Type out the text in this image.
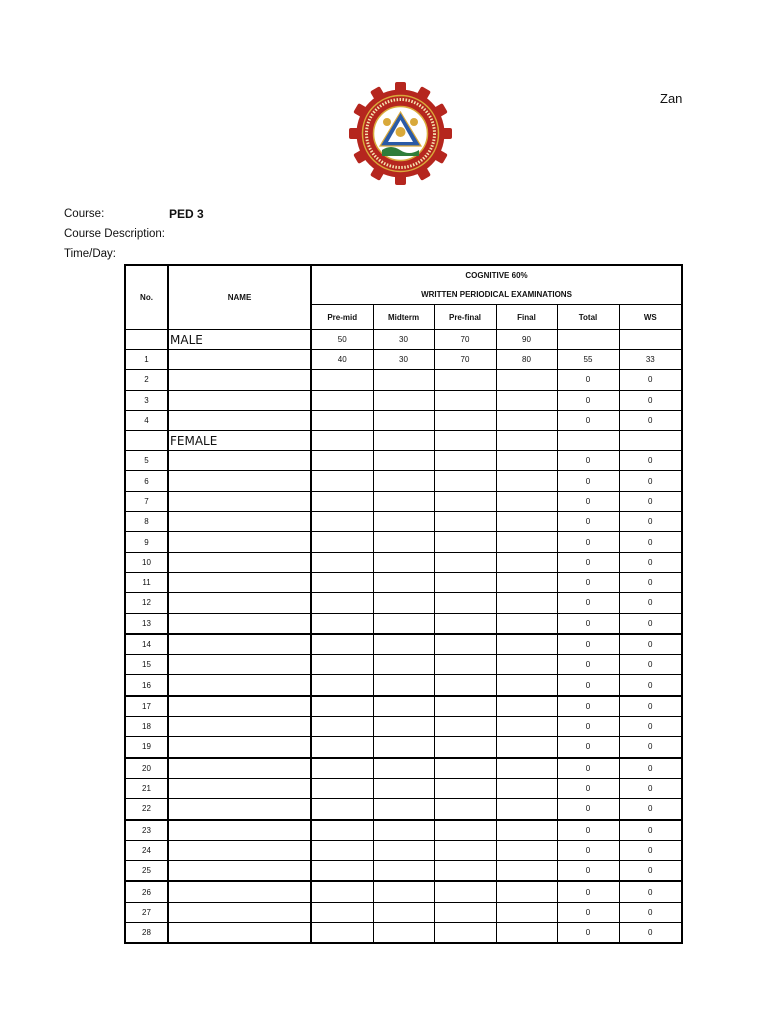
Zan
Course:	PED 3
Course Description:
Time/Day:
No.	NAME	COGNITIVE 60%					
		WRITTEN PERIODICAL EXAMINATIONS					
		Pre-mid	Midterm	Pre-final	Final	Total	WS
	MALE	50	30	70	90		
1		40	30	70	80	55	33
2						0	0
3						0	0
4						0	0
	FEMALE						
5						0	0
6						0	0
7						0	0
8						0	0
9						0	0
10						0	0
11						0	0
12						0	0
13						0	0
14						0	0
15						0	0
16						0	0
17						0	0
18						0	0
19						0	0
20						0	0
21						0	0
22						0	0
23						0	0
24						0	0
25						0	0
26						0	0
27						0	0
28						0	0
